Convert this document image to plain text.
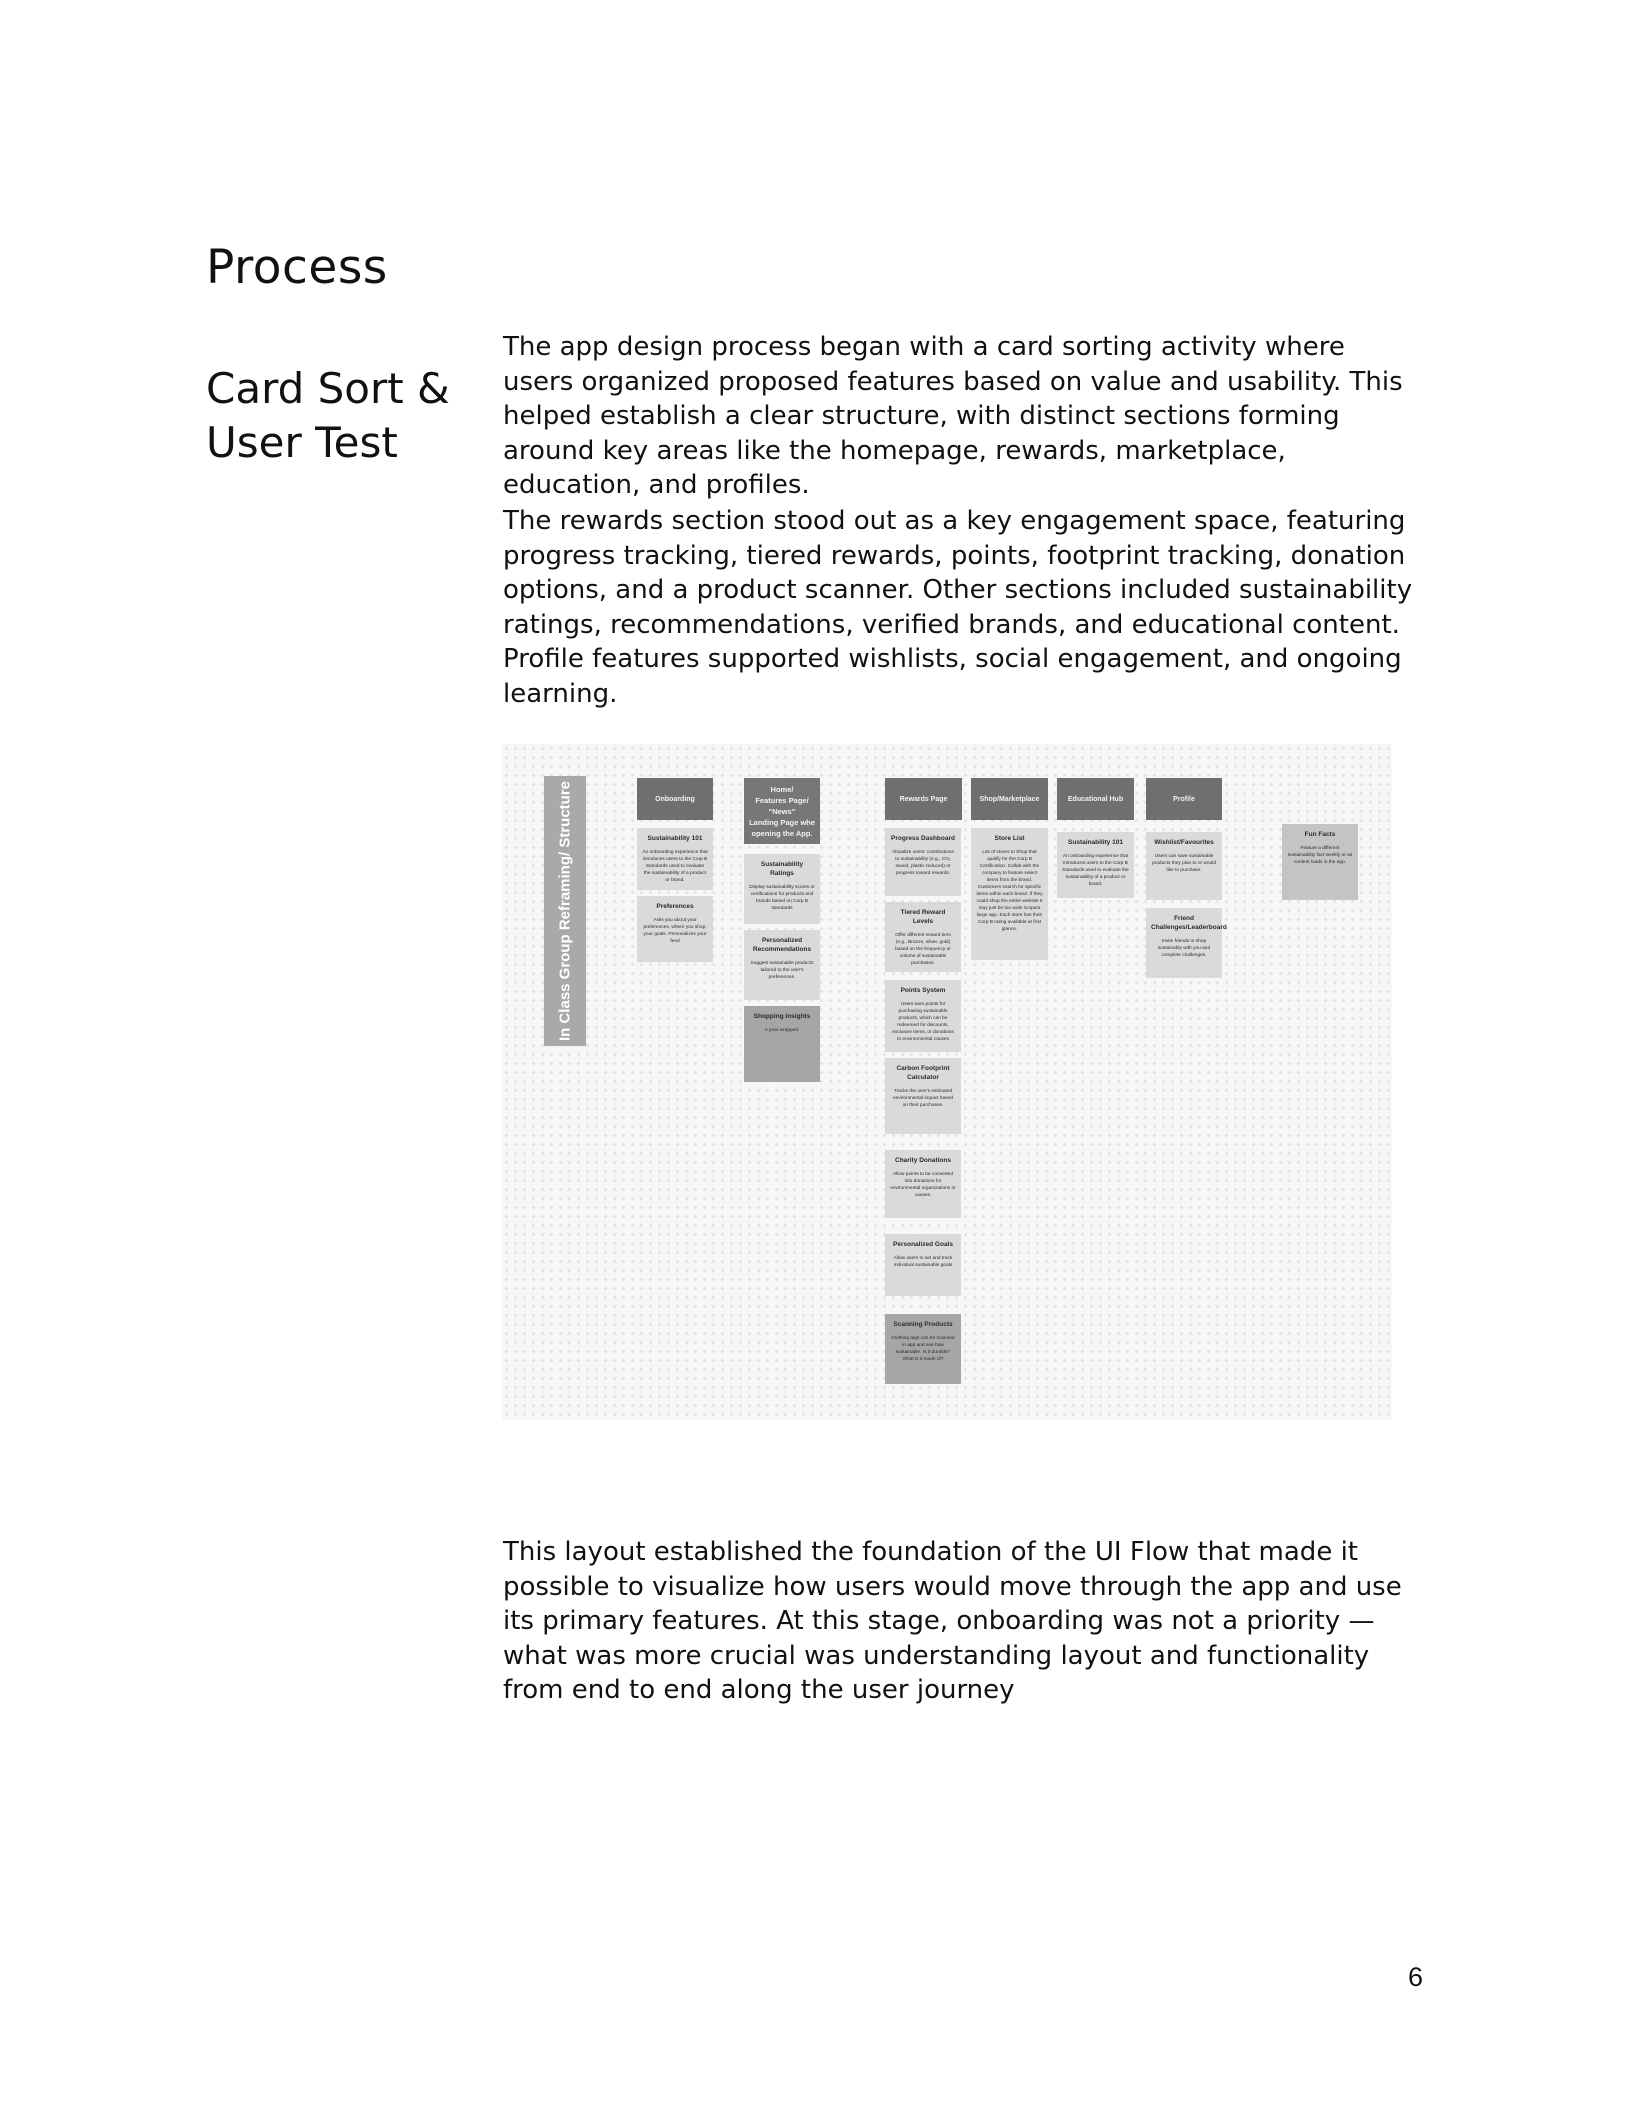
Process
Card Sort & User Test

The app design process began with a card sorting activity where users organized proposed features based on value and usability. This helped establish a clear structure, with distinct sections forming around key areas like the homepage, rewards, marketplace, education, and profiles.

The rewards section stood out as a key engagement space, featuring progress tracking, tiered rewards, points, footprint tracking, donation options, and a product scanner. Other sections included sustainability ratings, recommendations, verified brands, and educational content. Profile features supported wishlists, social engagement, and ongoing learning.

In Class Group Reframing/ Structure	Onboarding
Home/
Features Page/
"News"
Landing Page whe
opening the App.
Rewards Page	Shop/Marketplace	Educational Hub	Profile
Sustainability 101
An onboarding experience that introduces users to the Corp B Standards used to evaluate the sustainability of a product or brand.
Preferences
Asks you about your preferences, where you shop, your goals. Personalizes your feed
Sustainability Ratings
Display sustainability scores or certifications for products and brands based on Corp B standards
Personalized Recommendations
Suggest sustainable products tailored to the user's preferences.
Shopping Insights
A year wrapped.
Progress Dashboard
Visualize users' contributions to sustainability (e.g., CO₂ saved, plastic reduced) or progress toward rewards.
Tiered Reward Levels
Offer different reward tiers (e.g., Bronze, silver, gold) based on the frequency or volume of sustainable purchases.
Points System
Users earn points for purchasing sustainable products, which can be redeemed for discounts, exclusive items, or donations to environmental causes
Carbon Footprint Calculator
Tracks the user's estimated environmental impact based on their purchases.
Charity Donations
Allow points to be converted into donations for environmental organizations or causes.
Personalized Goals
Allow users to set and track individual sustainable goals
Scanning Products
Clothing tags can be scanned in app and see how sustainable. Is it durable? What is it made of?
Store List
List of stores to Shop that qualify for the Corp B Certification. Collab with the company to feature select items from the brand. Customers search for specific items within each brand. If they could shop the entire website it may just be too wide scope/a large app. Each store has their Corp B rating available at first glance.
Sustainability 101
An onboarding experience that introduces users to the Corp B Standards used to evaluate the sustainability of a product or brand.
Wishlist/Favourites
Users can save sustainable products they plan to or would like to purchase.
Friend Challenges/Leaderboard
Invite friends to shop sustainably with you and complete challenges.
Fun Facts
Feature a different sustainability fact weekly or as content loads in the app.

This layout established the foundation of the UI Flow that made it possible to visualize how users would move through the app and use its primary features. At this stage, onboarding was not a priority — what was more crucial was understanding layout and functionality from end to end along the user journey

6
